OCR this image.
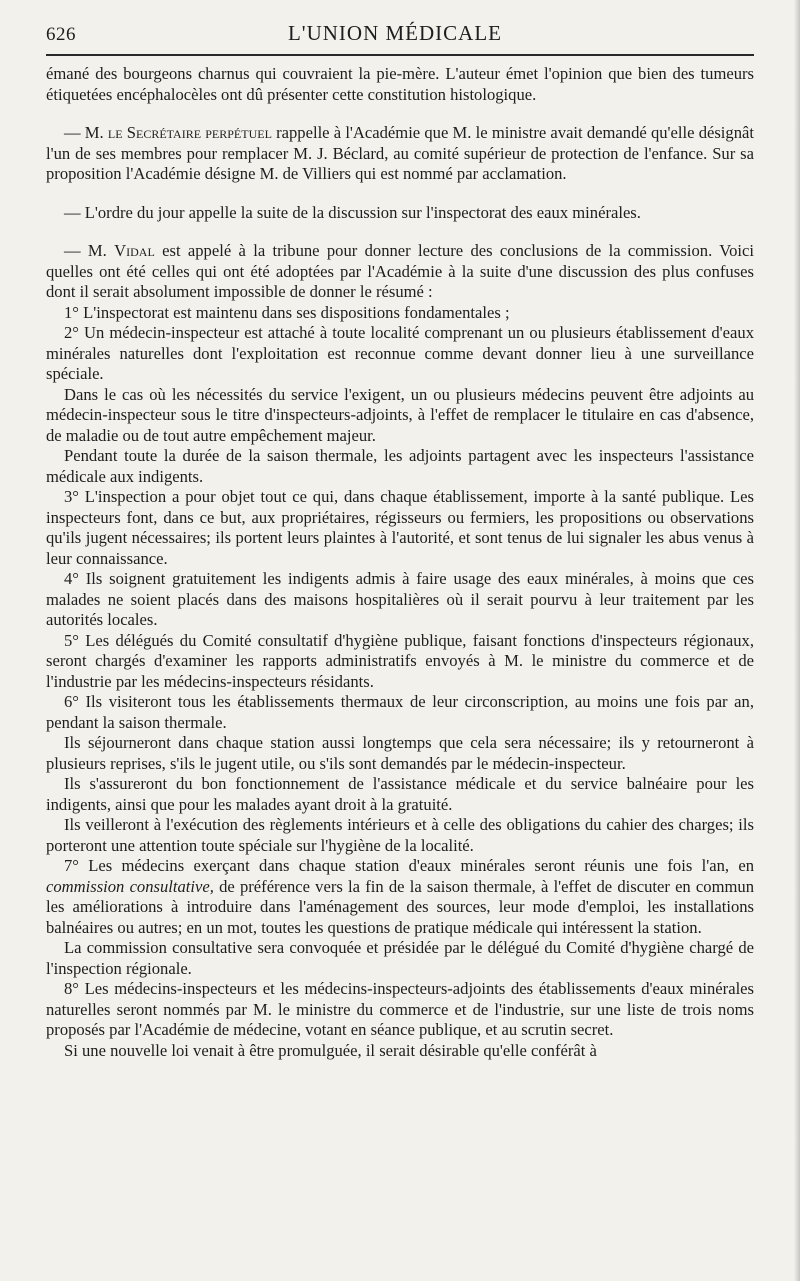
626	L'UNION MÉDICALE

émané des bourgeons charnus qui couvraient la pie-mère. L'auteur émet l'opinion que bien des tumeurs étiquetées encéphalocèles ont dû présenter cette constitution histologique.

— M. le Secrétaire perpétuel rappelle à l'Académie que M. le ministre avait demandé qu'elle désignât l'un de ses membres pour remplacer M. J. Béclard, au comité supérieur de protection de l'enfance. Sur sa proposition l'Académie désigne M. de Villiers qui est nommé par acclamation.

— L'ordre du jour appelle la suite de la discussion sur l'inspectorat des eaux minérales.

— M. Vidal est appelé à la tribune pour donner lecture des conclusions de la commission. Voici quelles ont été celles qui ont été adoptées par l'Académie à la suite d'une discussion des plus confuses dont il serait absolument impossible de donner le résumé :

1° L'inspectorat est maintenu dans ses dispositions fondamentales ;

2° Un médecin-inspecteur est attaché à toute localité comprenant un ou plusieurs établissement d'eaux minérales naturelles dont l'exploitation est reconnue comme devant donner lieu à une surveillance spéciale.

Dans le cas où les nécessités du service l'exigent, un ou plusieurs médecins peuvent être adjoints au médecin-inspecteur sous le titre d'inspecteurs-adjoints, à l'effet de remplacer le titulaire en cas d'absence, de maladie ou de tout autre empêchement majeur.

Pendant toute la durée de la saison thermale, les adjoints partagent avec les inspecteurs l'assistance médicale aux indigents.

3° L'inspection a pour objet tout ce qui, dans chaque établissement, importe à la santé publique. Les inspecteurs font, dans ce but, aux propriétaires, régisseurs ou fermiers, les propositions ou observations qu'ils jugent nécessaires; ils portent leurs plaintes à l'autorité, et sont tenus de lui signaler les abus venus à leur connaissance.

4° Ils soignent gratuitement les indigents admis à faire usage des eaux minérales, à moins que ces malades ne soient placés dans des maisons hospitalières où il serait pourvu à leur traitement par les autorités locales.

5° Les délégués du Comité consultatif d'hygiène publique, faisant fonctions d'inspecteurs régionaux, seront chargés d'examiner les rapports administratifs envoyés à M. le ministre du commerce et de l'industrie par les médecins-inspecteurs résidants.

6° Ils visiteront tous les établissements thermaux de leur circonscription, au moins une fois par an, pendant la saison thermale.

Ils séjourneront dans chaque station aussi longtemps que cela sera nécessaire; ils y retourneront à plusieurs reprises, s'ils le jugent utile, ou s'ils sont demandés par le médecin-inspecteur.

Ils s'assureront du bon fonctionnement de l'assistance médicale et du service balnéaire pour les indigents, ainsi que pour les malades ayant droit à la gratuité.

Ils veilleront à l'exécution des règlements intérieurs et à celle des obligations du cahier des charges; ils porteront une attention toute spéciale sur l'hygiène de la localité.

7° Les médecins exerçant dans chaque station d'eaux minérales seront réunis une fois l'an, en commission consultative, de préférence vers la fin de la saison thermale, à l'effet de discuter en commun les améliorations à introduire dans l'aménagement des sources, leur mode d'emploi, les installations balnéaires ou autres; en un mot, toutes les questions de pratique médicale qui intéressent la station.

La commission consultative sera convoquée et présidée par le délégué du Comité d'hygiène chargé de l'inspection régionale.

8° Les médecins-inspecteurs et les médecins-inspecteurs-adjoints des établissements d'eaux minérales naturelles seront nommés par M. le ministre du commerce et de l'industrie, sur une liste de trois noms proposés par l'Académie de médecine, votant en séance publique, et au scrutin secret.

Si une nouvelle loi venait à être promulguée, il serait désirable qu'elle conférât à
